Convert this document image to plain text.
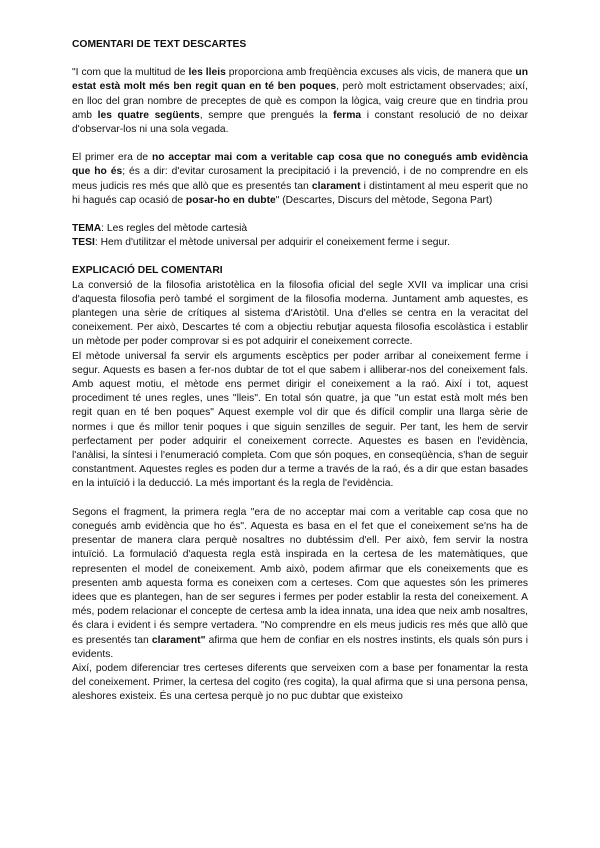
COMENTARI DE TEXT DESCARTES

"I com que la multitud de les lleis proporciona amb freqüència excuses als vicis, de manera que un estat està molt més ben regit quan en té ben poques, però molt estrictament observades; així, en lloc del gran nombre de preceptes de què es compon la lògica, vaig creure que en tindria prou amb les quatre següents, sempre que prengués la ferma i constant resolució de no deixar d'observar-los ni una sola vegada.

El primer era de no acceptar mai com a veritable cap cosa que no conegués amb evidència que ho és; és a dir: d'evitar curosament la precipitació i la prevenció, i de no comprendre en els meus judicis res més que allò que es presentés tan clarament i distintament al meu esperit que no hi hagués cap ocasió de posar-ho en dubte" (Descartes, Discurs del mètode, Segona Part)

TEMA: Les regles del mètode cartesià

TESI: Hem d'utilitzar el mètode universal per adquirir el coneixement ferme i segur.

EXPLICACIÓ DEL COMENTARI

La conversió de la filosofia aristotèlica en la filosofia oficial del segle XVII va implicar una crisi d'aquesta filosofia però també el sorgiment de la filosofia moderna. Juntament amb aquestes, es plantegen una sèrie de crítiques al sistema d'Aristòtil. Una d'elles se centra en la veracitat del coneixement. Per això, Descartes té com a objectiu rebutjar aquesta filosofia escolàstica i establir un mètode per poder comprovar si es pot adquirir el coneixement correcte.

El mètode universal fa servir els arguments escèptics per poder arribar al coneixement ferme i segur. Aquests es basen a fer-nos dubtar de tot el que sabem i alliberar-nos del coneixement fals. Amb aquest motiu, el mètode ens permet dirigir el coneixement a la raó. Així i tot, aquest procediment té unes regles, unes "lleis". En total són quatre, ja que "un estat està molt més ben regit quan en té ben poques" Aquest exemple vol dir que és difícil complir una llarga sèrie de normes i que és millor tenir poques i que siguin senzilles de seguir. Per tant, les hem de servir perfectament per poder adquirir el coneixement correcte. Aquestes es basen en l'evidència, l'anàlisi, la síntesi i l'enumeració completa. Com que són poques, en conseqüència, s'han de seguir constantment. Aquestes regles es poden dur a terme a través de la raó, és a dir que estan basades en la intuïció i la deducció. La més important és la regla de l'evidència.

Segons el fragment, la primera regla "era de no acceptar mai com a veritable cap cosa que no conegués amb evidència que ho és". Aquesta es basa en el fet que el coneixement se'ns ha de presentar de manera clara perquè nosaltres no dubtéssim d'ell. Per això, fem servir la nostra intuïció. La formulació d'aquesta regla està inspirada en la certesa de les matemàtiques, que representen el model de coneixement. Amb això, podem afirmar que els coneixements que es presenten amb aquesta forma es coneixen com a certeses. Com que aquestes són les primeres idees que es plantegen, han de ser segures i fermes per poder establir la resta del coneixement. A més, podem relacionar el concepte de certesa amb la idea innata, una idea que neix amb nosaltres, és clara i evident i és sempre vertadera. "No comprendre en els meus judicis res més que allò que es presentés tan clarament" afirma que hem de confiar en els nostres instints, els quals són purs i evidents.

Així, podem diferenciar tres certeses diferents que serveixen com a base per fonamentar la resta del coneixement. Primer, la certesa del cogito (res cogita), la qual afirma que si una persona pensa, aleshores existeix. És una certesa perquè jo no puc dubtar que existeixo
